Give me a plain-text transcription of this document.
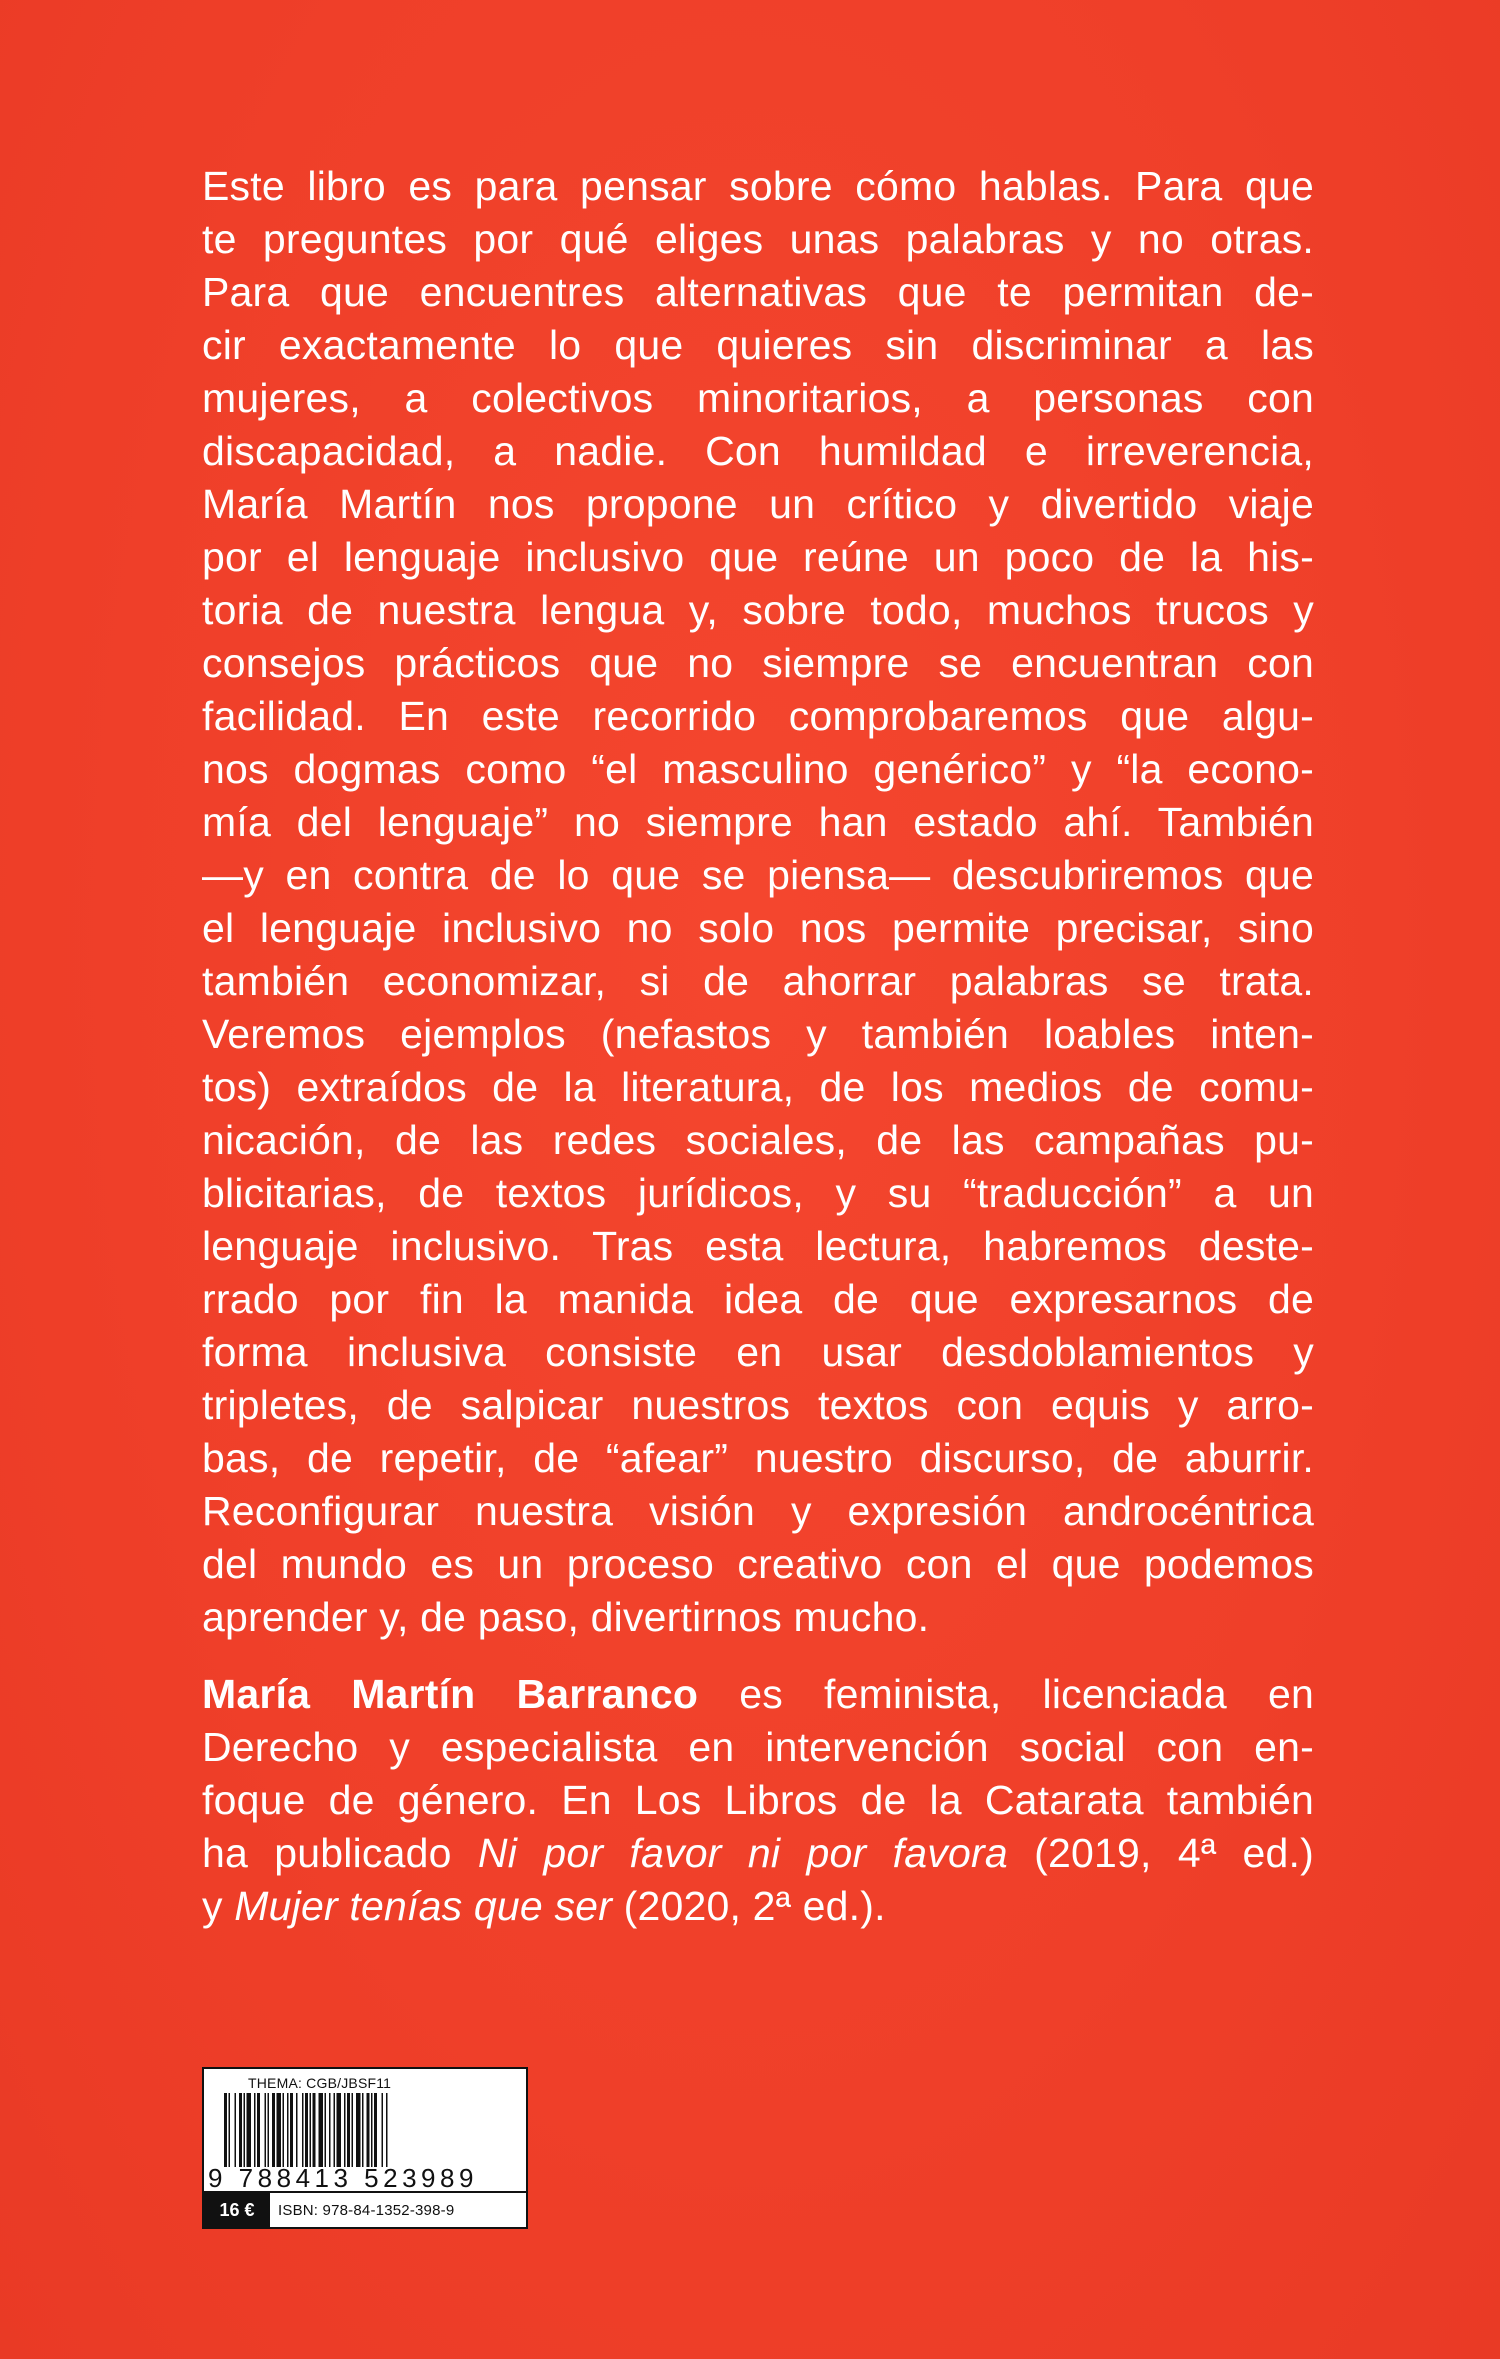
Este libro es para pensar sobre cómo hablas. Para que
te preguntes por qué eliges unas palabras y no otras.
Para que encuentres alternativas que te permitan de-
cir exactamente lo que quieres sin discriminar a las
mujeres, a colectivos minoritarios, a personas con
discapacidad, a nadie. Con humildad e irreverencia,
María Martín nos propone un crítico y divertido viaje
por el lenguaje inclusivo que reúne un poco de la his-
toria de nuestra lengua y, sobre todo, muchos trucos y
consejos prácticos que no siempre se encuentran con
facilidad. En este recorrido comprobaremos que algu-
nos dogmas como “el masculino genérico” y “la econo-
mía del lenguaje” no siempre han estado ahí. También
—y en contra de lo que se piensa— descubriremos que
el lenguaje inclusivo no solo nos permite precisar, sino
también economizar, si de ahorrar palabras se trata.
Veremos ejemplos (nefastos y también loables inten-
tos) extraídos de la literatura, de los medios de comu-
nicación, de las redes sociales, de las campañas pu-
blicitarias, de textos jurídicos, y su “traducción” a un
lenguaje inclusivo. Tras esta lectura, habremos deste-
rrado por fin la manida idea de que expresarnos de
forma inclusiva consiste en usar desdoblamientos y
tripletes, de salpicar nuestros textos con equis y arro-
bas, de repetir, de “afear” nuestro discurso, de aburrir.
Reconfigurar nuestra visión y expresión androcéntrica
del mundo es un proceso creativo con el que podemos
aprender y, de paso, divertirnos mucho.

María Martín Barranco es feminista, licenciada en
Derecho y especialista en intervención social con en-
foque de género. En Los Libros de la Catarata también
ha publicado Ni por favor ni por favora (2019, 4ª ed.)
y Mujer tenías que ser (2020, 2ª ed.).

THEMA: CGB/JBSF11
9 788413 523989
16 €	ISBN: 978-84-1352-398-9
